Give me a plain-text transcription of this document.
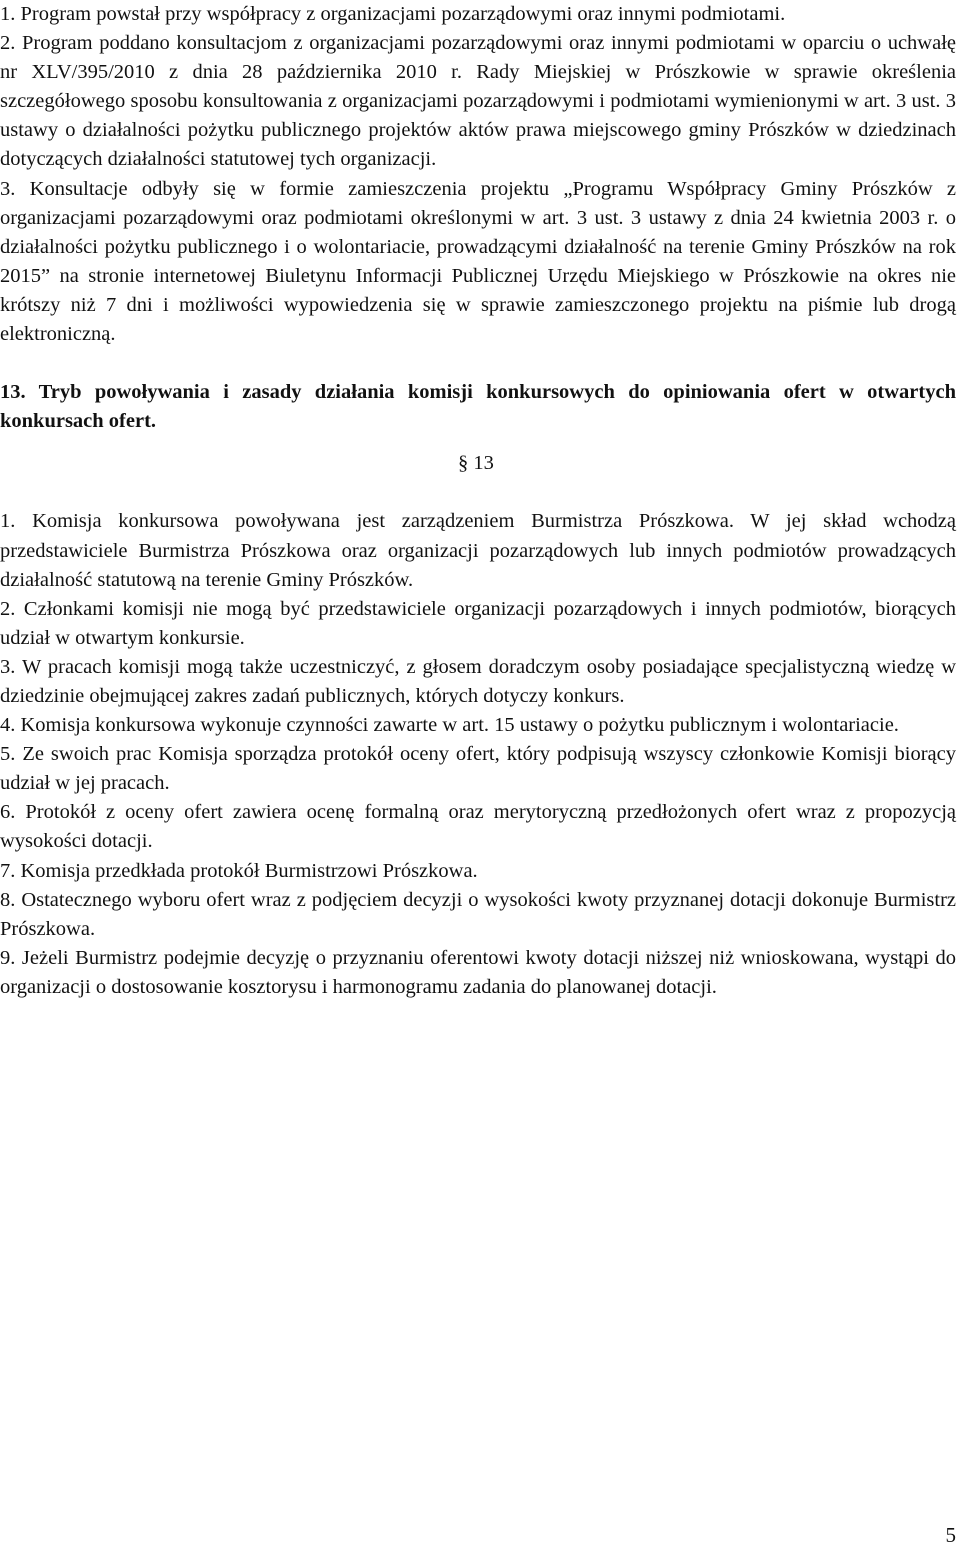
1. Program powstał przy współpracy z organizacjami pozarządowymi oraz innymi podmiotami.

2. Program poddano konsultacjom z organizacjami pozarządowymi oraz innymi podmiotami w oparciu o uchwałę nr XLV/395/2010 z dnia 28 października 2010 r. Rady Miejskiej w Prószkowie w sprawie określenia szczegółowego sposobu konsultowania z organizacjami pozarządowymi i podmiotami wymienionymi w art. 3 ust. 3 ustawy o działalności pożytku publicznego projektów aktów prawa miejscowego gminy Prószków w dziedzinach dotyczących działalności statutowej tych organizacji.

3. Konsultacje odbyły się w formie zamieszczenia projektu „Programu Współpracy Gminy Prószków z organizacjami pozarządowymi oraz podmiotami określonymi w art. 3 ust. 3 ustawy z dnia 24 kwietnia 2003 r. o działalności pożytku publicznego i o wolontariacie, prowadzącymi działalność na terenie Gminy Prószków na rok 2015” na stronie internetowej Biuletynu Informacji Publicznej Urzędu Miejskiego w Prószkowie na okres nie krótszy niż 7 dni i możliwości wypowiedzenia się w sprawie zamieszczonego projektu na piśmie lub drogą elektroniczną.

13. Tryb powoływania i zasady działania komisji konkursowych do opiniowania ofert w otwartych konkursach ofert.

§ 13

1. Komisja konkursowa powoływana jest zarządzeniem Burmistrza Prószkowa. W jej skład wchodzą przedstawiciele Burmistrza Prószkowa oraz organizacji pozarządowych lub innych podmiotów prowadzących działalność statutową na terenie Gminy Prószków.

2. Członkami komisji nie mogą być przedstawiciele organizacji pozarządowych i innych podmiotów, biorących udział w otwartym konkursie.

3. W pracach komisji mogą także uczestniczyć, z głosem doradczym osoby posiadające specjalistyczną wiedzę w dziedzinie obejmującej zakres zadań publicznych, których dotyczy konkurs.

4. Komisja konkursowa wykonuje czynności zawarte w art. 15 ustawy o pożytku publicznym i wolontariacie.

5. Ze swoich prac Komisja sporządza protokół oceny ofert, który podpisują wszyscy członkowie Komisji biorący udział w jej pracach.

6. Protokół z oceny ofert zawiera ocenę formalną oraz merytoryczną przedłożonych ofert wraz z propozycją wysokości dotacji.

7. Komisja przedkłada protokół Burmistrzowi Prószkowa.

8. Ostatecznego wyboru ofert wraz z podjęciem decyzji o wysokości kwoty przyznanej dotacji dokonuje Burmistrz Prószkowa.

9. Jeżeli Burmistrz podejmie decyzję o przyznaniu oferentowi kwoty dotacji niższej niż wnioskowana, wystąpi do organizacji o dostosowanie kosztorysu i harmonogramu zadania do planowanej dotacji.

5
